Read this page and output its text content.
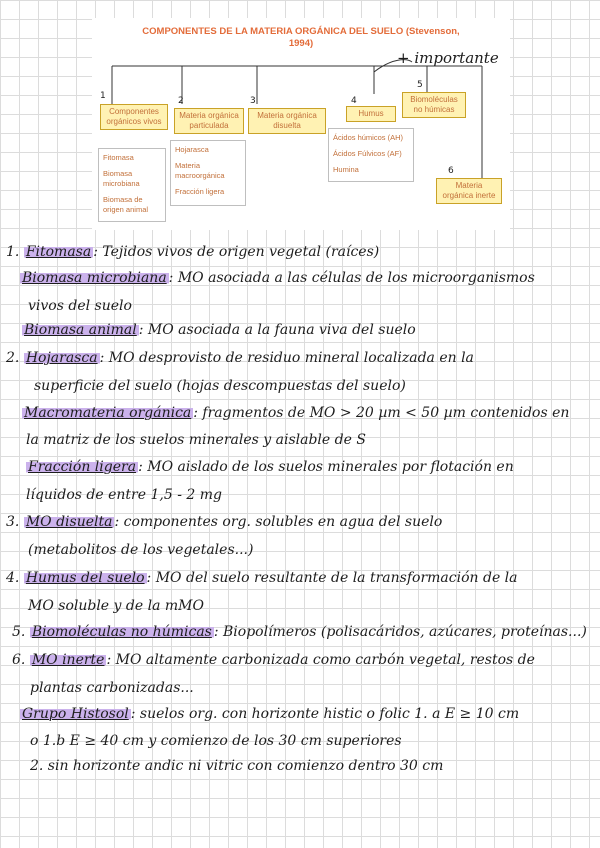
COMPONENTES DE LA MATERIA ORGÁNICA DEL SUELO (Stevenson,
1994)
1	2	3	4
5
6
+ importante
Componentes
orgánicos vivos
Materia orgánica
particulada
Materia orgánica
disuelta
Humus
Biomoléculas
no húmicas
Materia
orgánica inerte
Fitomasa
Biomasa microbiana
Biomasa de origen animal
Hojarasca
Materia macroorgánica
Fracción ligera
Ácidos húmicos (AH)
Ácidos Fúlvicos (AF)
Humina
1. Fitomasa : Tejidos vivos de origen vegetal (raíces)
Biomasa microbiana : MO asociada a las células de los microorganismos
vivos del suelo
Biomasa animal : MO asociada a la fauna viva del suelo
2. Hojarasca : MO desprovisto de residuo mineral localizada en la
superficie del suelo (hojas descompuestas del suelo)
Macromateria orgánica : fragmentos de MO > 20 µm < 50 µm contenidos en
la matriz de los suelos minerales y aislable de S
Fracción ligera : MO aislado de los suelos minerales por flotación en
líquidos de entre 1,5 - 2 mg
3. MO disuelta : componentes org. solubles en agua del suelo
(metabolitos de los vegetales...)
4. Humus del suelo : MO del suelo resultante de la transformación de la
MO soluble y de la mMO
5. Biomoléculas no húmicas : Biopolímeros (polisacáridos, azúcares, proteínas...)
6. MO inerte : MO altamente carbonizada como carbón vegetal, restos de
plantas carbonizadas...
Grupo Histosol : suelos org. con horizonte histic o folic 1. a E ≥ 10 cm
o 1.b E ≥ 40 cm y comienzo de los 30 cm superiores
2. sin horizonte andic ni vitric con comienzo dentro 30 cm
